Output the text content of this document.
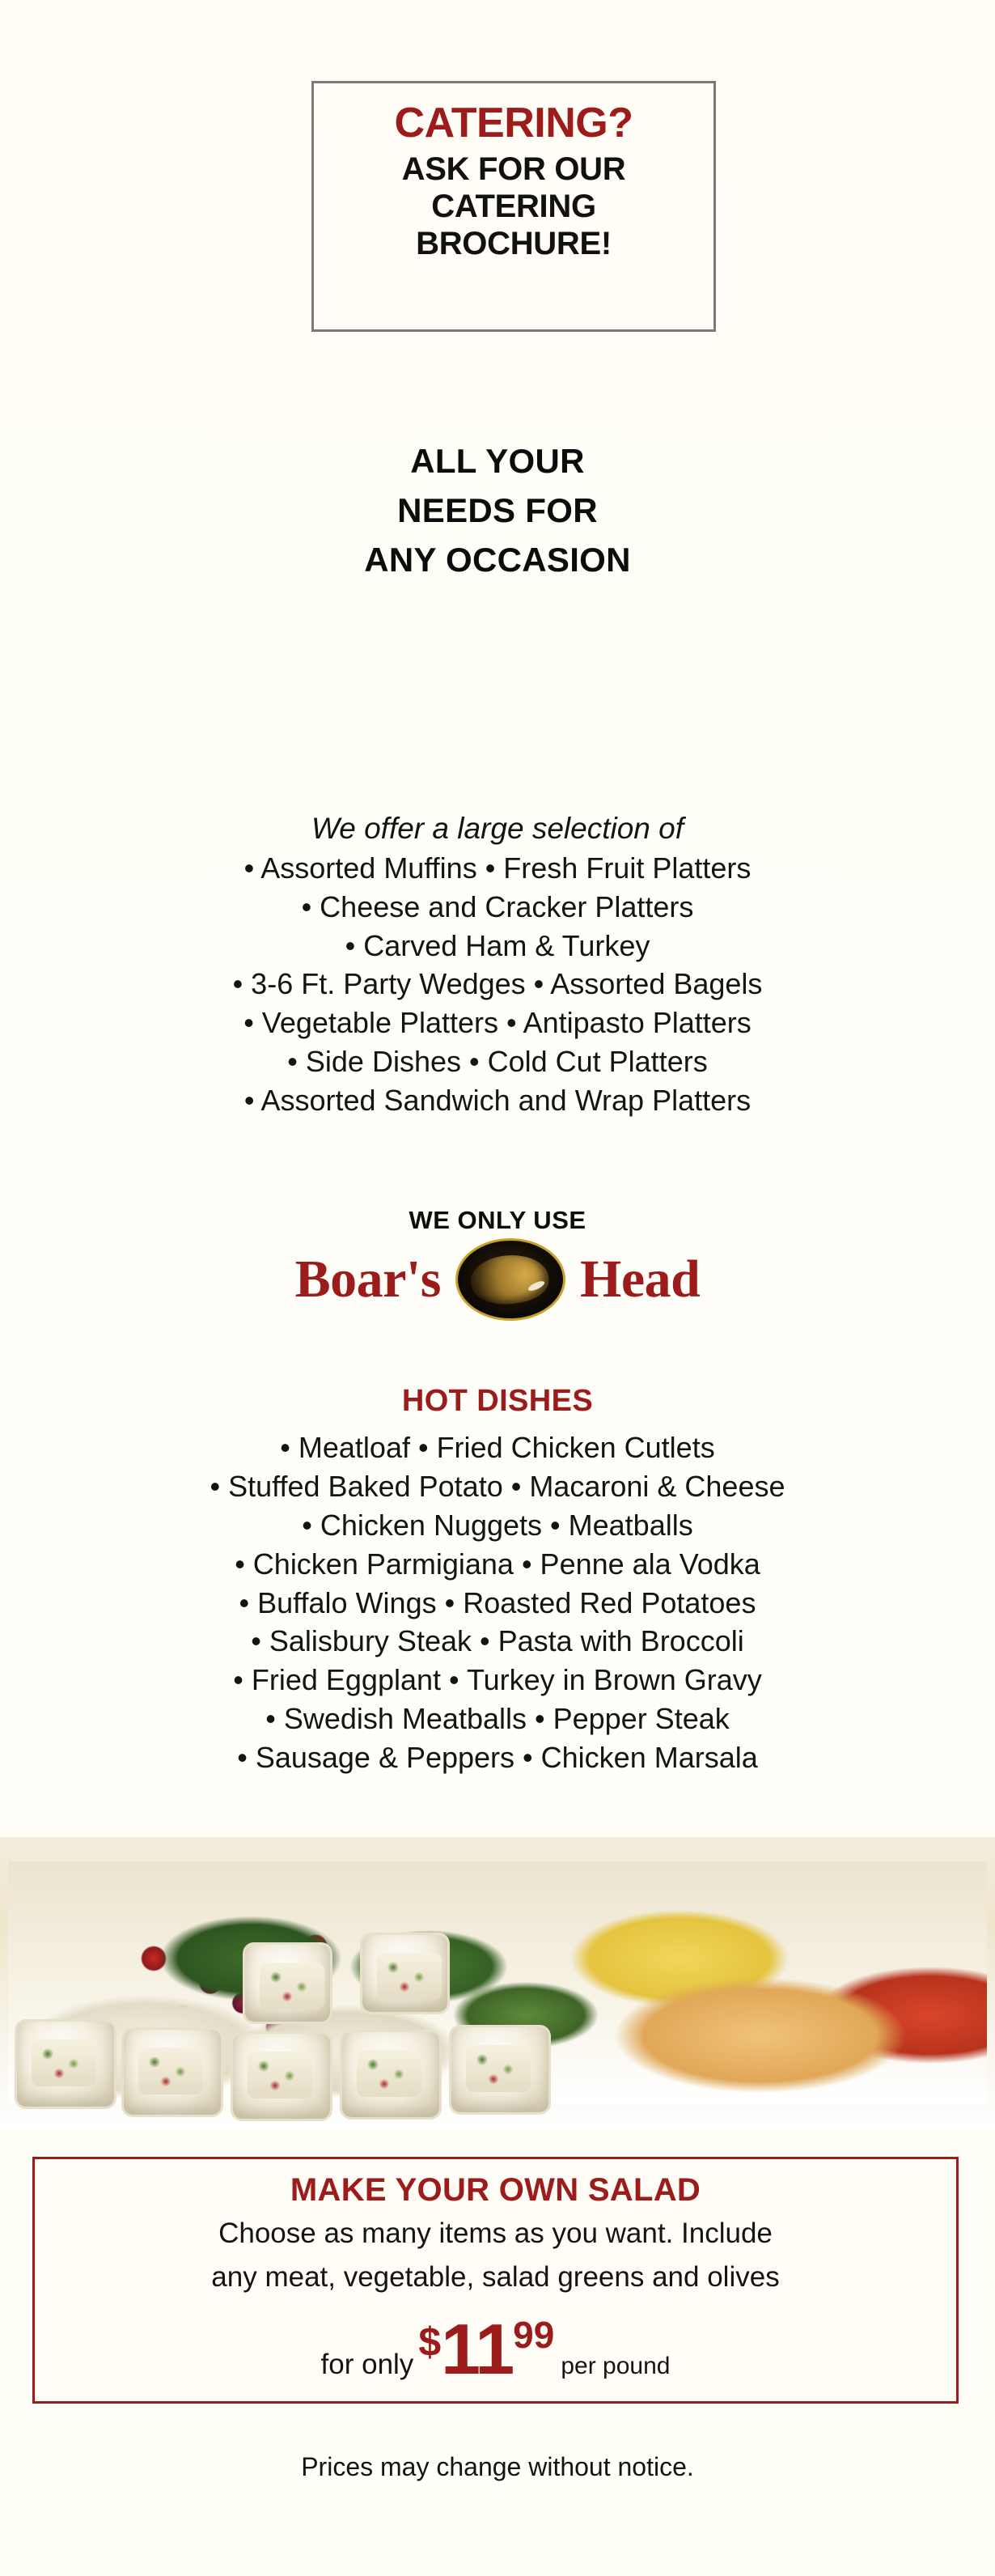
CATERING?
ASK FOR OUR
CATERING
BROCHURE!
ALL YOUR
NEEDS FOR
ANY OCCASION
We offer a large selection of
• Assorted Muffins • Fresh Fruit Platters
• Cheese and Cracker Platters
• Carved Ham & Turkey
• 3-6 Ft. Party Wedges • Assorted Bagels
• Vegetable Platters • Antipasto Platters
• Side Dishes • Cold Cut Platters
• Assorted Sandwich and Wrap Platters
WE ONLY USE
Boar's	Head
HOT DISHES
• Meatloaf • Fried Chicken Cutlets
• Stuffed Baked Potato • Macaroni & Cheese
• Chicken Nuggets • Meatballs
• Chicken Parmigiana • Penne ala Vodka
• Buffalo Wings • Roasted Red Potatoes
• Salisbury Steak • Pasta with Broccoli
• Fried Eggplant • Turkey in Brown Gravy
• Swedish Meatballs • Pepper Steak
• Sausage & Peppers • Chicken Marsala
MAKE YOUR OWN SALAD
Choose as many items as you want. Include
any meat, vegetable, salad greens and olives
for only $ 11 99
per pound
Prices may change without notice.
